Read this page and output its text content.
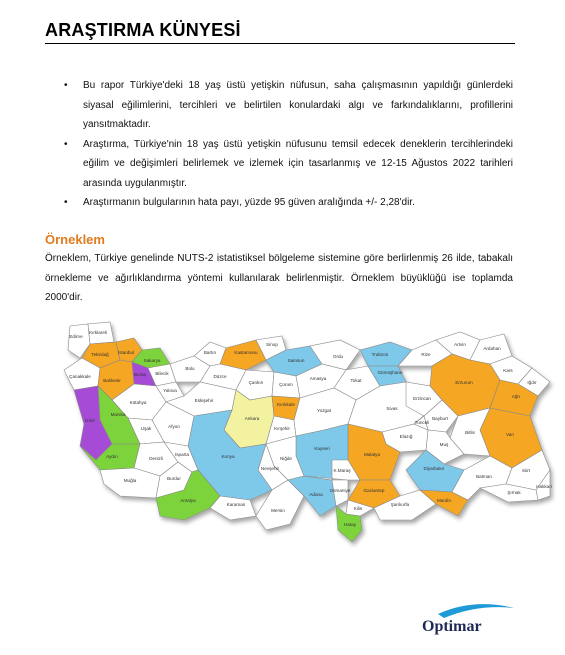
ARAŞTIRMA KÜNYESİ
• Bu rapor Türkiye'deki 18 yaş üstü yetişkin nüfusun, saha çalışmasının yapıldığı günlerdeki siyasal eğilimlerini, tercihleri ve belirtilen konulardaki algı ve farkındalıklarını, profillerini yansıtmaktadır.
• Araştırma, Türkiye'nin 18 yaş üstü yetişkin nüfusunu temsil edecek deneklerin tercihlerindeki eğilim ve değişimleri belirlemek ve izlemek için tasarlanmış ve 12-15 Ağustos 2022 tarihleri arasında uygulanmıştır.
• Araştırmanın bulgularının hata payı, yüzde 95 güven aralığında +/- 2,28'dir.
Örneklem

Örneklem, Türkiye genelinde NUTS-2 istatistiksel bölgeleme sistemine göre berlirlenmiş 26 ilde, tabakalı örnekleme ve ağırlıklandırma yöntemi kullanılarak belirlenmiştir. Örneklem büyüklüğü ise toplamda 2000'dir.

Edirne
Kırklareli
Tekirdağ İstanbul
Sakarya
Çanakkale
Balıkesir
Bursa Bilecik
Bolu
Bartın	Kastamonu
Sinop
Samsun
Ordu	Trabzon	Rize
Artvin
Ardahan
Kars
Iğdır
Düzce
Çankırı	Çorum
Amasya	Tokat
Gümüşhane
Erzurum
Ağrı
Yalova
Kütahya	Eskişehir
Ankara
Kırıkkale
Kırşehir
Yozgat	Sivas
Erzincan
Bayburt
Van
Bitlis
Muş
Elazığ
Tunceli
Diyarbakır
Malatya
Kayseri
Niğde
Nevşehir
Konya
Karaman
Mersin
Adana
Osmaniye
K.Maraş
Gaziantep
Kilis
Hatay
Şanlıurfa
Mardin
Batman
Siirt
Hakkari
Şırnak
Afyon
Uşak
Manisa
İzmir
Aydın	Denizli
Muğla	Burdur
Isparta
Antalya
Optimar
